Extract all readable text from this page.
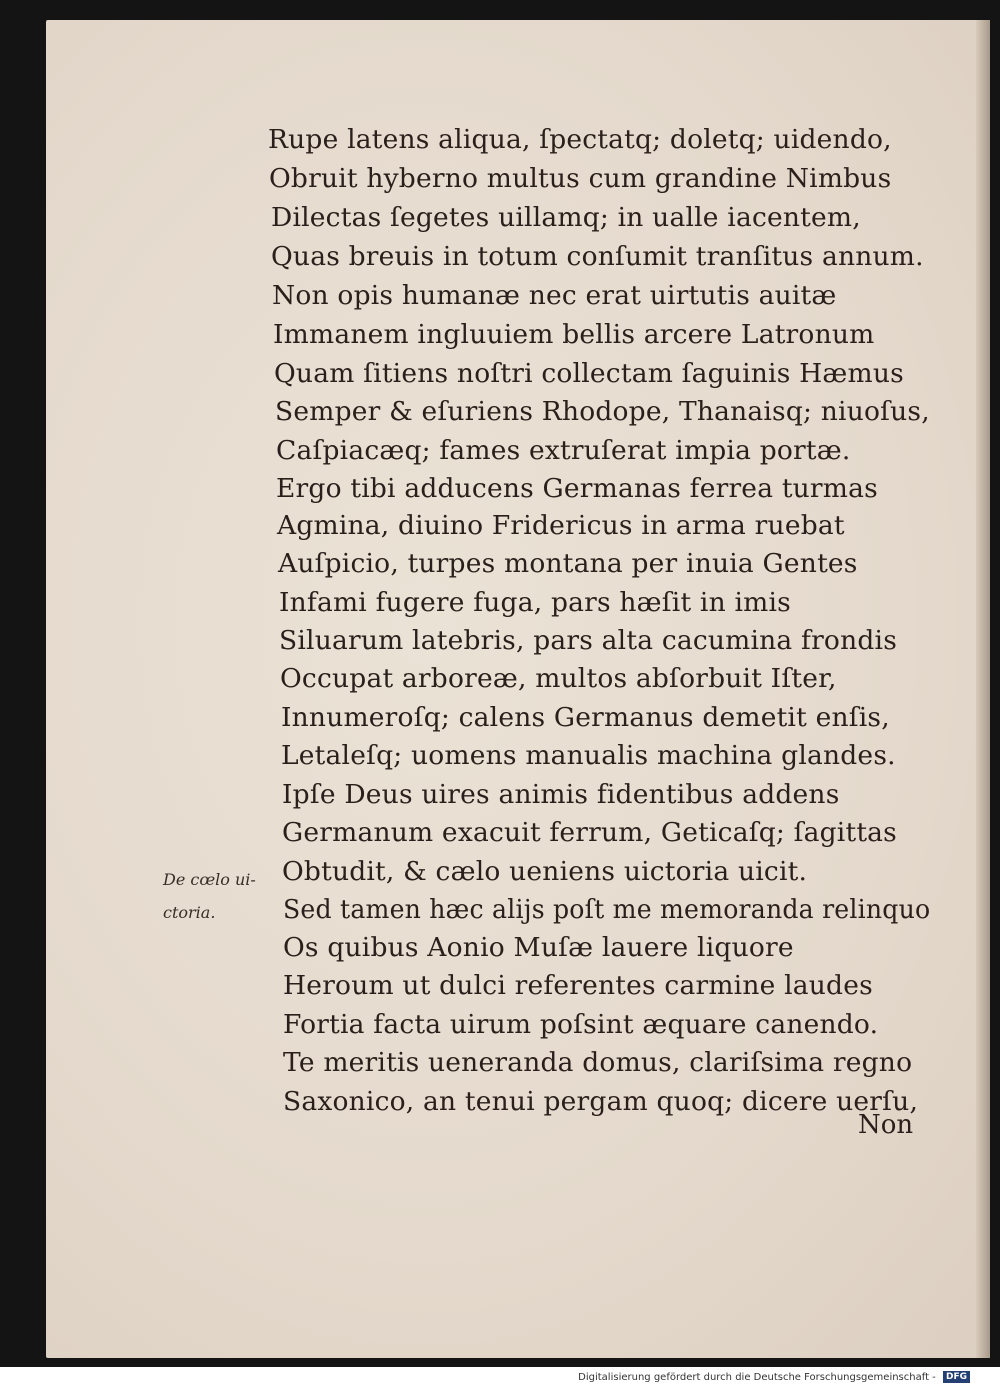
Rupe latens aliqua, ſpectatq; doletq; uidendo,
Obruit hyberno multus cum grandine Nimbus
Dilectas ſegetes uillamq; in ualle iacentem,
Quas breuis in totum conſumit tranſitus annum.
Non opis humanæ nec erat uirtutis auitæ
Immanem ingluuiem bellis arcere Latronum
Quam ſitiens noſtri collectam ſaguinis Hæmus
Semper & eſuriens Rhodope, Thanaisq; niuoſus,
Caſpiacæq; fames extruſerat impia portæ.
Ergo tibi adducens Germanas ferrea turmas
Agmina, diuino Fridericus in arma ruebat
Auſpicio, turpes montana per inuia Gentes
Infami fugere fuga, pars hæſit in imis
Siluarum latebris, pars alta cacumina frondis
Occupat arboreæ, multos abſorbuit Iſter,
Innumeroſq; calens Germanus demetit enſis,
Letaleſq; uomens manualis machina glandes.
Ipſe Deus uires animis fidentibus addens
Germanum exacuit ferrum, Geticaſq; ſagittas
Obtudit, & cælo ueniens uictoria uicit.
Sed tamen hæc alijs poſt me memoranda relinquo
Os quibus Aonio Muſæ lauere liquore
Heroum ut dulci referentes carmine laudes
Fortia facta uirum poſsint æquare canendo.
Te meritis ueneranda domus, clariſsima regno
Saxonico, an tenui pergam quoq; dicere uerſu,
De cœlo ui-
ctoria.
Non
Digitalisierung gefördert durch die Deutsche Forschungsgemeinschaft - DFG
